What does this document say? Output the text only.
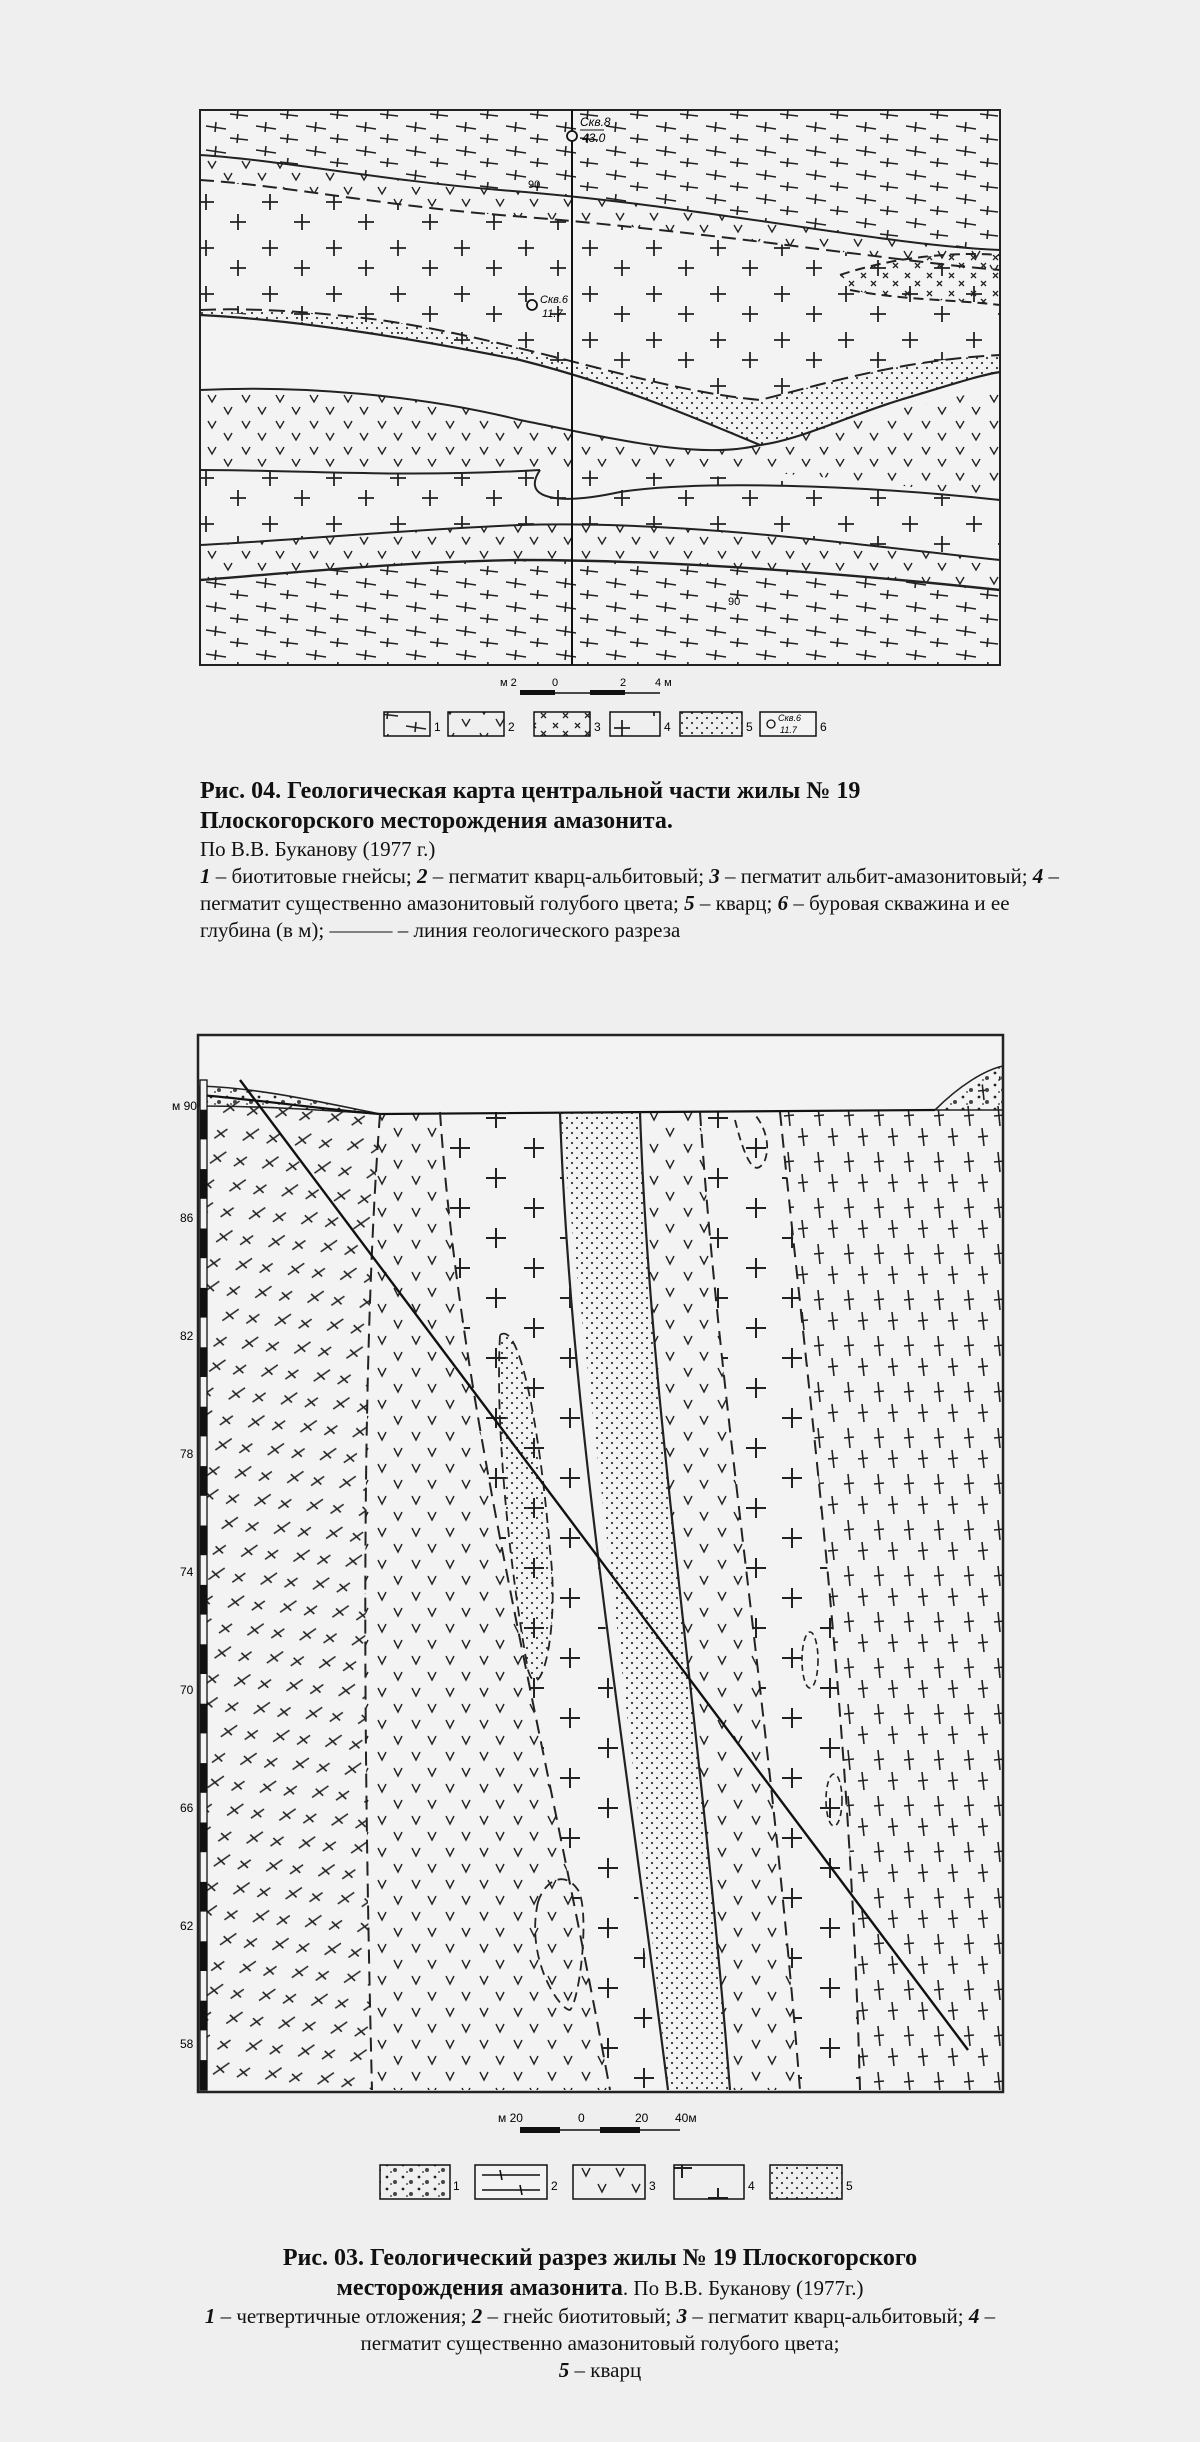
Скв.8
43.0
Скв.6
11.7
90
90
м 2	0	2	4 м
1	2	3	4	5
Скв.6
11.7 6
Рис. 04. Геологическая карта центральной части жилы № 19
Плоскогорского месторождения амазонита.
По В.В. Буканову (1977 г.)
1 – биотитовые гнейсы; 2 – пегматит кварц-альбитовый; 3 – пегматит альбит-амазонитовый; 4 – пегматит существенно амазонитовый голубого цвета; 5 – кварц; 6 – буровая скважина и ее глубина (в м); ——— – линия геологического разреза
м 90
86
82
78
74
70
66
62
58
м 20	0	20 40м
1	2	3	4	5
Рис. 03. Геологический разрез жилы № 19 Плоскогорского
месторождения амазонита. По В.В. Буканову (1977г.)
1 – четвертичные отложения; 2 – гнейс биотитовый; 3 – пегматит кварц-альбитовый; 4 – пегматит существенно амазонитовый голубого цвета;
5 – кварц
